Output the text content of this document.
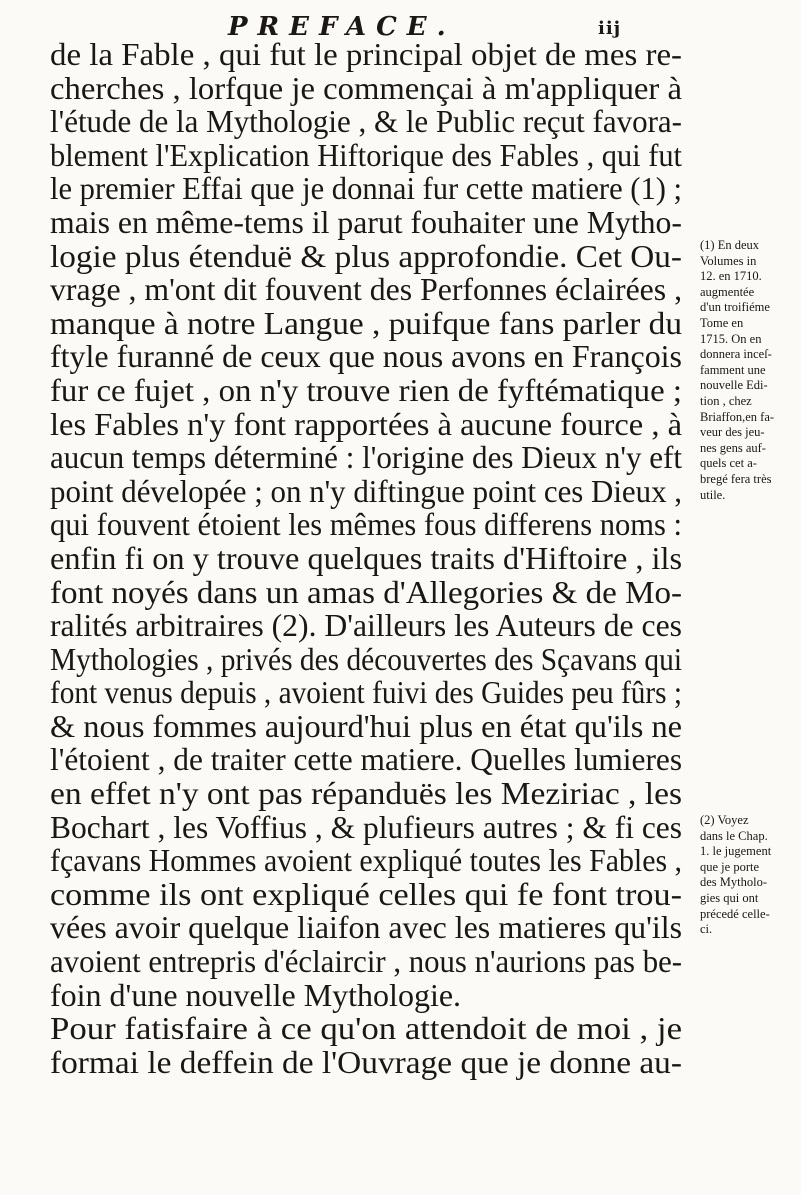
PREFACE.	iij
de la Fable , qui fut le principal objet de mes re-
cherches , lorfque je commençai à m'appliquer à
l'étude de la Mythologie , & le Public reçut favora-
blement l'Explication Hiftorique des Fables , qui fut
le premier Effai que je donnai fur cette matiere (1) ;
mais en même-tems il parut fouhaiter une Mytho-
logie plus étenduë & plus approfondie. Cet Ou-
vrage , m'ont dit fouvent des Perfonnes éclairées ,
manque à notre Langue , puifque fans parler du
ftyle furanné de ceux que nous avons en François
fur ce fujet , on n'y trouve rien de fyftématique ;
les Fables n'y font rapportées à aucune fource , à
aucun temps déterminé : l'origine des Dieux n'y eft
point dévelopée ; on n'y diftingue point ces Dieux ,
qui fouvent étoient les mêmes fous differens noms :
enfin fi on y trouve quelques traits d'Hiftoire , ils
font noyés dans un amas d'Allegories & de Mo-
ralités arbitraires (2). D'ailleurs les Auteurs de ces
Mythologies , privés des découvertes des Sçavans qui
font venus depuis , avoient fuivi des Guides peu fûrs ;
& nous fommes aujourd'hui plus en état qu'ils ne
l'étoient , de traiter cette matiere. Quelles lumieres
en effet n'y ont pas répanduës les Meziriac , les
Bochart , les Voffius , & plufieurs autres ; & fi ces
fçavans Hommes avoient expliqué toutes les Fables ,
comme ils ont expliqué celles qui fe font trou-
vées avoir quelque liaifon avec les matieres qu'ils
avoient entrepris d'éclaircir , nous n'aurions pas be-
foin d'une nouvelle Mythologie.
Pour fatisfaire à ce qu'on attendoit de moi , je
formai le deffein de l'Ouvrage que je donne au-
(1) En deux
Volumes in
12. en 1710.
augmentée
d'un troifiéme
Tome en
1715. On en
donnera inceſ-
famment une
nouvelle Edi-
tion , chez
Briaffon,en fa-
veur des jeu-
nes gens auf-
quels cet a-
bregé fera très
utile.
(2) Voyez
dans le Chap.
1. le jugement
que je porte
des Mytholo-
gies qui ont
précedé celle-
ci.
